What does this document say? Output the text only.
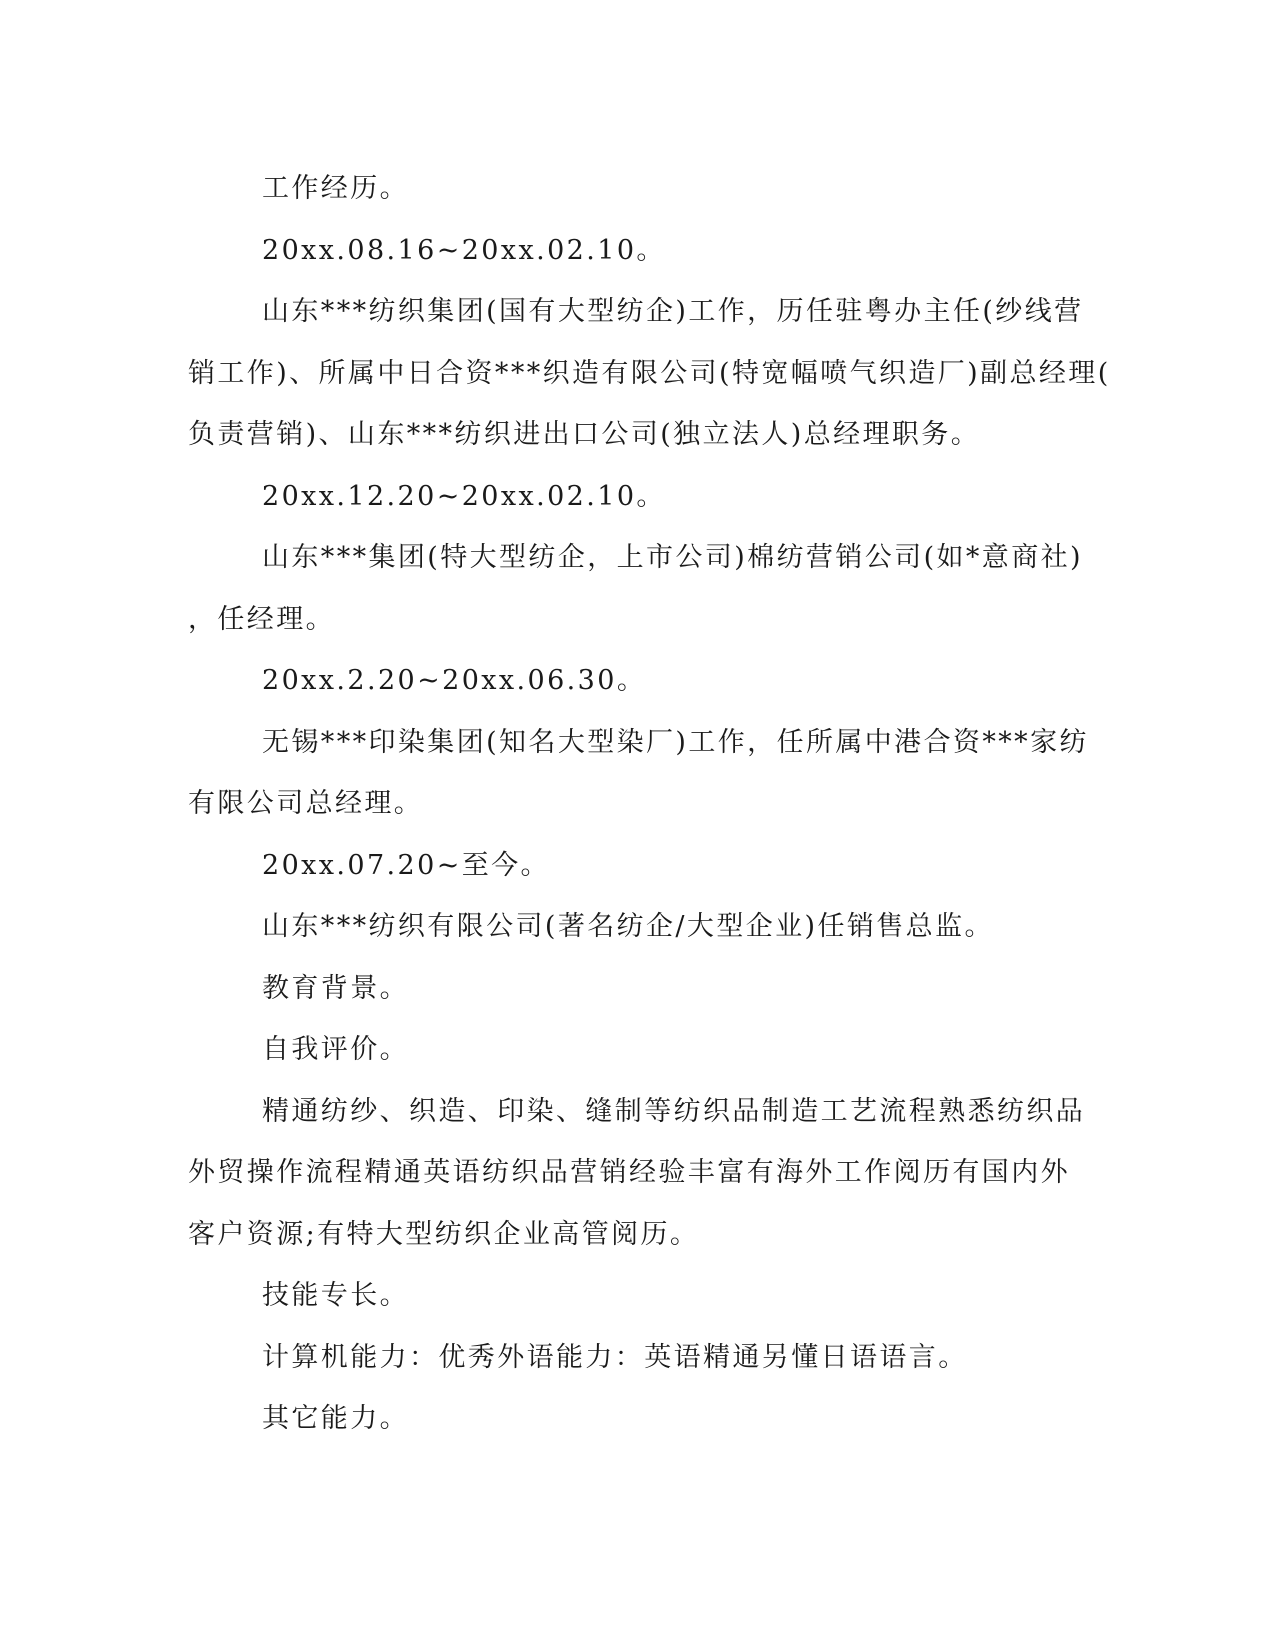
工作经历。
20xx.08.16~20xx.02.10。
山东***纺织集团(国有大型纺企)工作，历任驻粤办主任(纱线营
销工作)、所属中日合资***织造有限公司(特宽幅喷气织造厂)副总经理(
负责营销)、山东***纺织进出口公司(独立法人)总经理职务。
20xx.12.20~20xx.02.10。
山东***集团(特大型纺企，上市公司)棉纺营销公司(如*意商社)
，任经理。
20xx.2.20~20xx.06.30。
无锡***印染集团(知名大型染厂)工作，任所属中港合资***家纺
有限公司总经理。
20xx.07.20~至今。
山东***纺织有限公司(著名纺企/大型企业)任销售总监。
教育背景。
自我评价。
精通纺纱、织造、印染、缝制等纺织品制造工艺流程熟悉纺织品
外贸操作流程精通英语纺织品营销经验丰富有海外工作阅历有国内外
客户资源;有特大型纺织企业高管阅历。
技能专长。
计算机能力：优秀外语能力：英语精通另懂日语语言。
其它能力。
